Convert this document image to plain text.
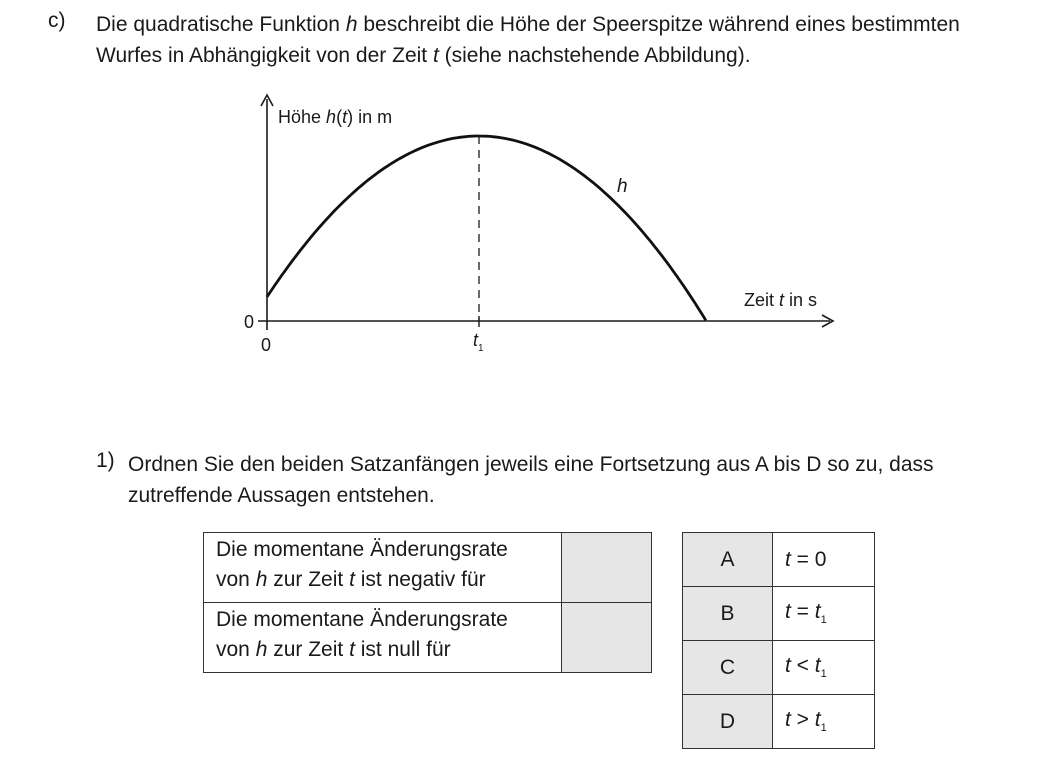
c) Die quadratische Funktion h beschreibt die Höhe der Speerspitze während eines bestimmten Wurfes in Abhängigkeit von der Zeit t (siehe nachstehende Abbildung).
Höhe h(t) in m
Zeit t in s
h
0
0	$t_1$
1) Ordnen Sie den beiden Satzanfängen jeweils eine Fortsetzung aus A bis D so zu, dass zutreffende Aussagen entstehen.
Die momentane Änderungsrate
von h zur Zeit t ist negativ für	
Die momentane Änderungsrate
von h zur Zeit t ist null für	
A	t = 0
B	$t = t_1$
C	$t < t_1$
D	$t > t_1$
